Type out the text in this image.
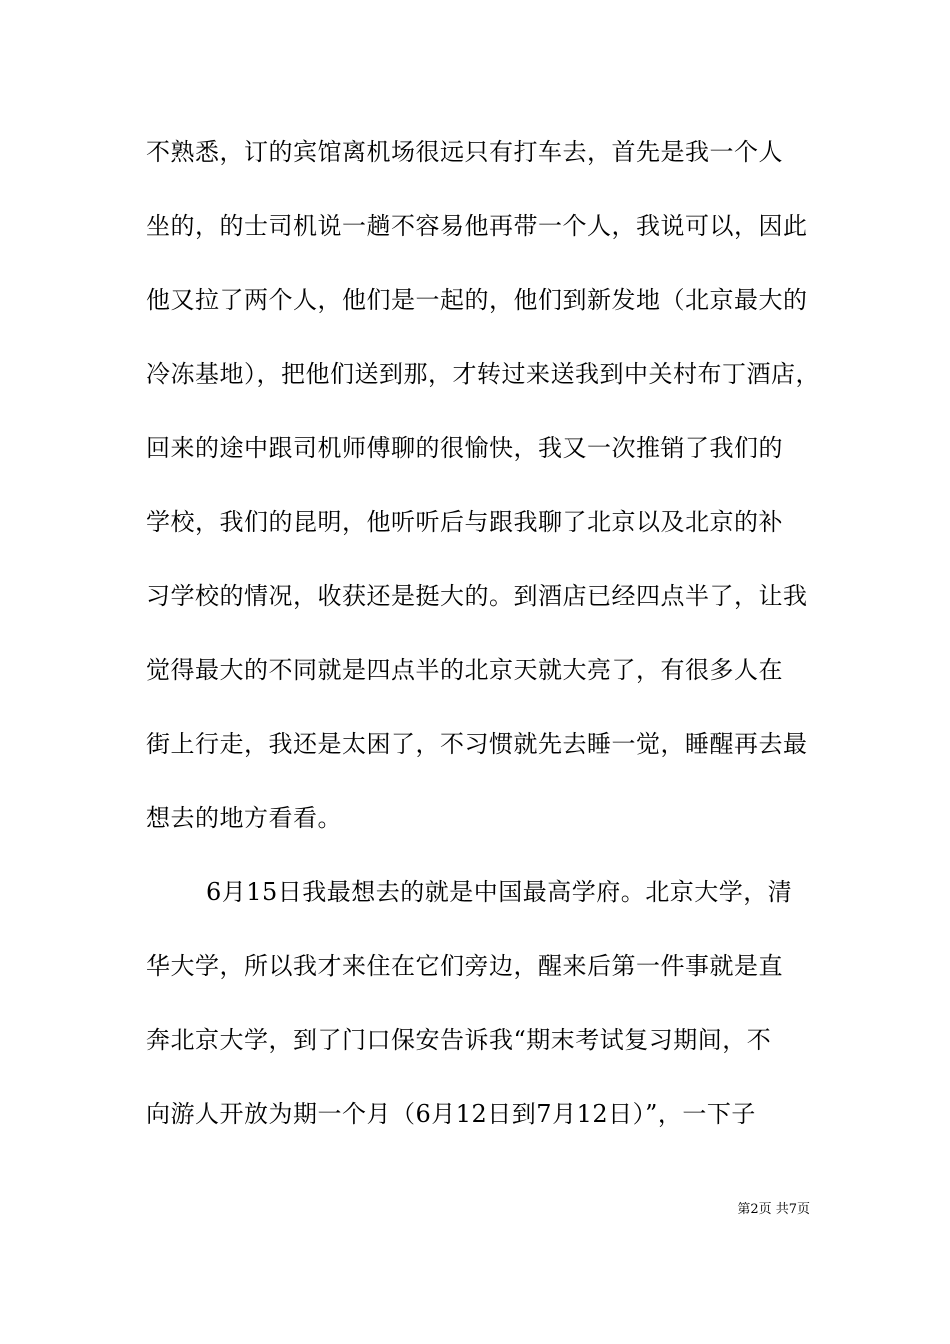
不熟悉，订的宾馆离机场很远只有打车去，首先是我一个人
坐的，的士司机说一趟不容易他再带一个人，我说可以，因此
他又拉了两个人，他们是一起的，他们到新发地（北京最大的
冷冻基地），把他们送到那，才转过来送我到中关村布丁酒店，
回来的途中跟司机师傅聊的很愉快，我又一次推销了我们的
学校，我们的昆明，他听听后与跟我聊了北京以及北京的补
习学校的情况，收获还是挺大的。到酒店已经四点半了，让我
觉得最大的不同就是四点半的北京天就大亮了，有很多人在
街上行走，我还是太困了，不习惯就先去睡一觉，睡醒再去最
想去的地方看看。
6月15日我最想去的就是中国最高学府。北京大学，清
华大学，所以我才来住在它们旁边，醒来后第一件事就是直
奔北京大学，到了门口保安告诉我“期末考试复习期间，不
向游人开放为期一个月（6月12日到7月12日）”，一下子
第2页 共7页
